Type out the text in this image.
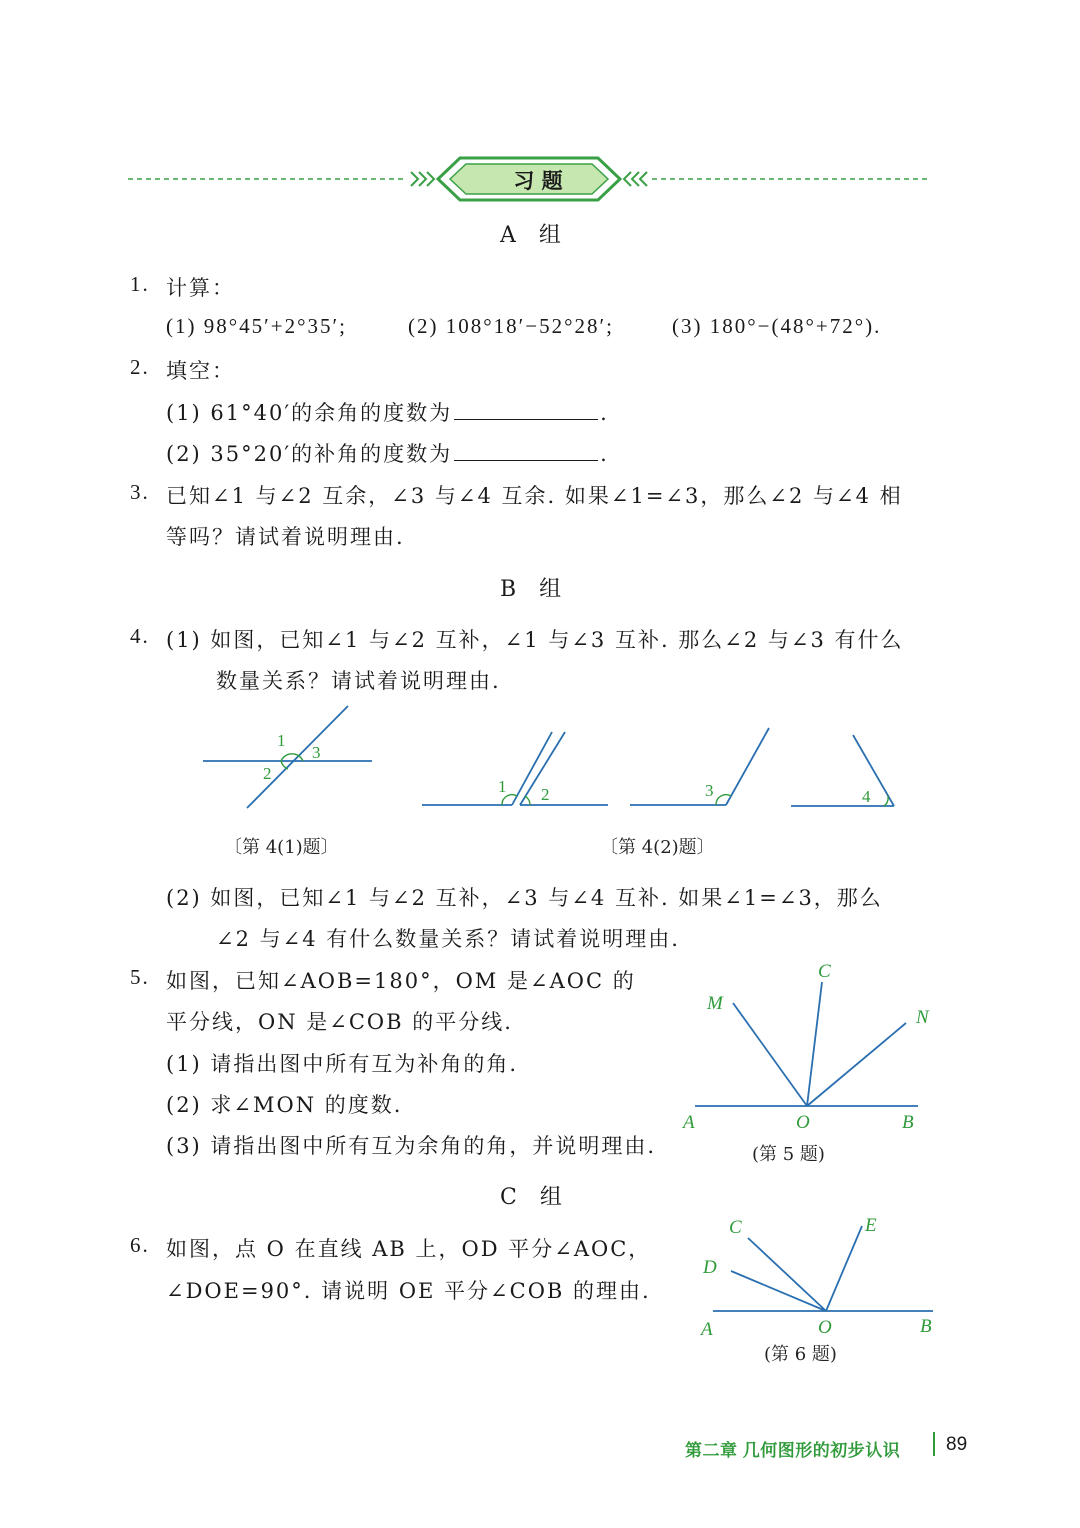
习 题
A 组
1. 计算：
(1) 98°45′+2°35′;	(2) 108°18′−52°28′;	(3) 180°−(48°+72°).
2. 填空：
(1) 61°40′的余角的度数为	.
(2) 35°20′的补角的度数为	.
3. 已知∠1 与∠2 互余，∠3 与∠4 互余. 如果∠1=∠3，那么∠2 与∠4 相
等吗？请试着说明理由.
B 组
4. (1) 如图，已知∠1 与∠2 互补，∠1 与∠3 互补. 那么∠2 与∠3 有什么
数量关系？请试着说明理由.
1
3
2
〔第 4(1)题〕
1 2	3	4
〔第 4(2)题〕
(2) 如图，已知∠1 与∠2 互补，∠3 与∠4 互补. 如果∠1=∠3，那么
∠2 与∠4 有什么数量关系？请试着说明理由.
5. 如图，已知∠AOB=180°，OM 是∠AOC 的
平分线，ON 是∠COB 的平分线.
(1) 请指出图中所有互为补角的角.
(2) 求∠MON 的度数.
(3) 请指出图中所有互为余角的角，并说明理由.
C
M
N
A	O	B
(第 5 题)
C 组
6. 如图，点 O 在直线 AB 上，OD 平分∠AOC，
∠DOE=90°. 请说明 OE 平分∠COB 的理由.
C
D
E
A	O	B
(第 6 题)
第二章 几何图形的初步认识 89
